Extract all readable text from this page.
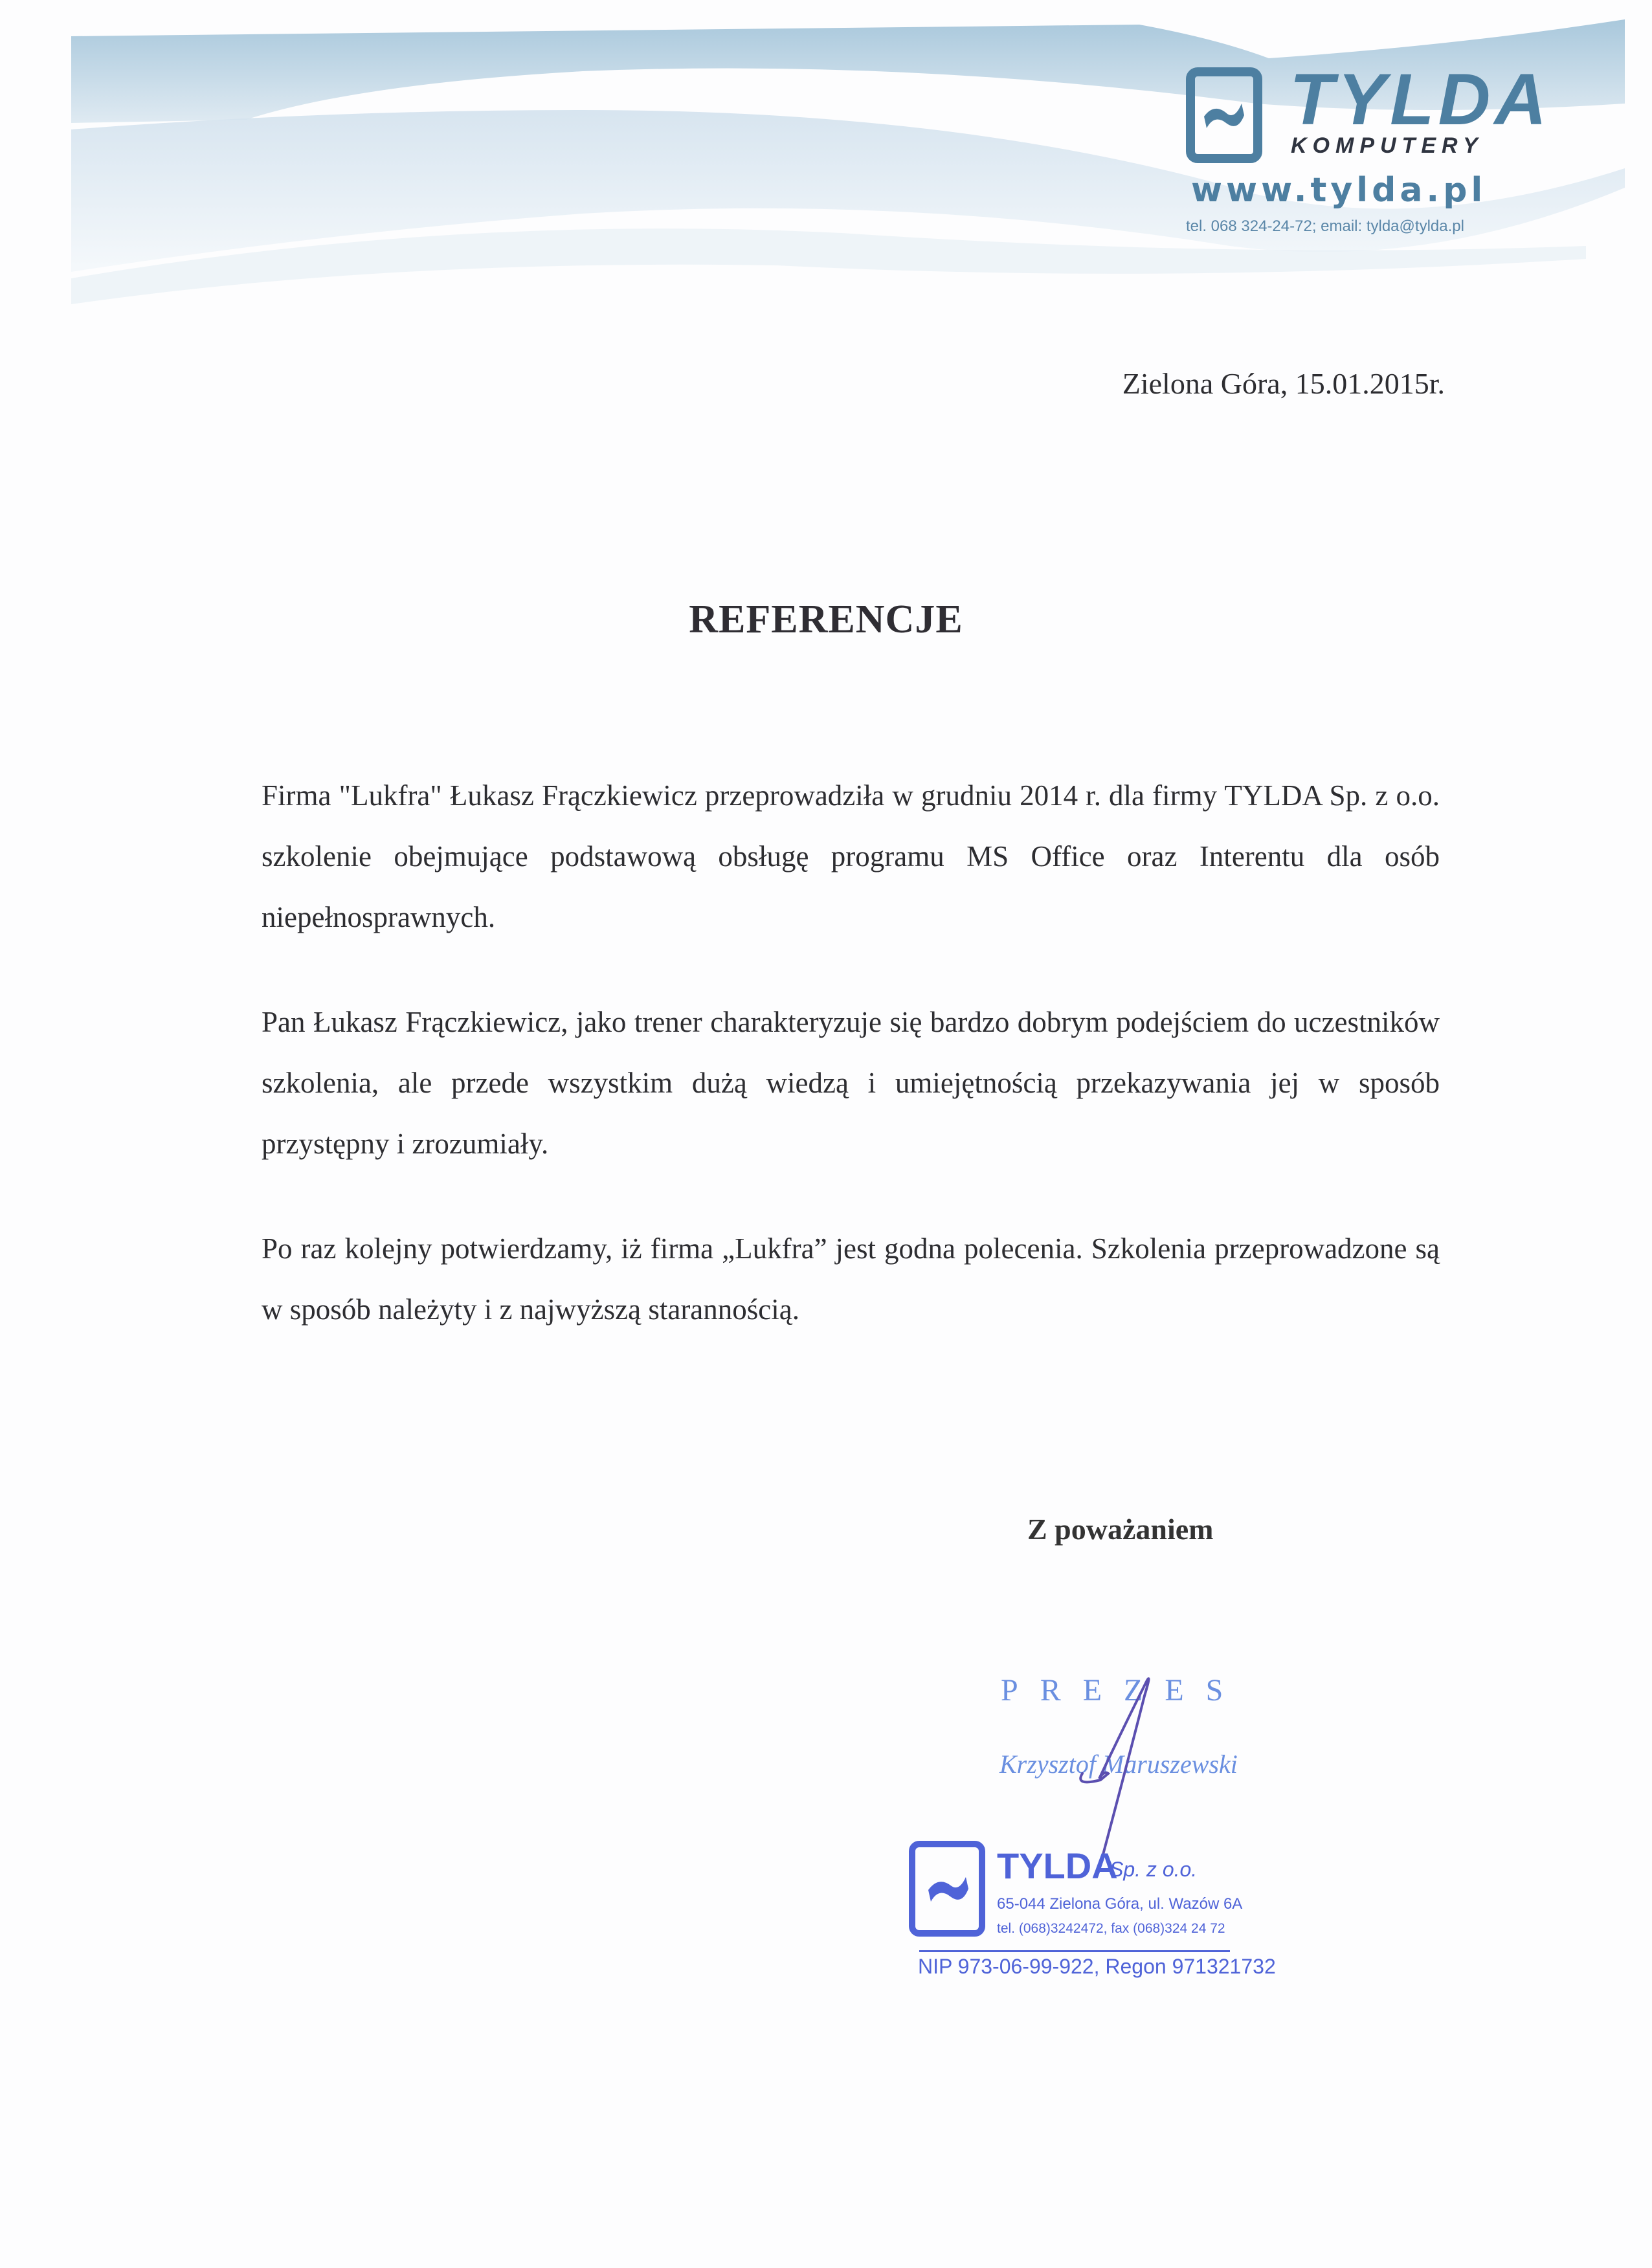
TYLDA
KOMPUTERY
www.tylda.pl
tel. 068 324-24-72; email: tylda@tylda.pl
Zielona Góra, 15.01.2015r.
REFERENCJE
Firma "Lukfra" Łukasz Frączkiewicz przeprowadziła w grudniu 2014 r. dla firmy TYLDA Sp. z o.o. szkolenie obejmujące podstawową obsługę programu MS Office oraz Interentu dla osób niepełnosprawnych.
Pan Łukasz Frączkiewicz, jako trener charakteryzuje się bardzo dobrym podejściem do uczestników szkolenia, ale przede wszystkim dużą wiedzą i umiejętnością przekazywania jej w sposób przystępny i zrozumiały.
Po raz kolejny potwierdzamy, iż firma „Lukfra” jest godna polecenia. Szkolenia przeprowadzone są w sposób należyty i z najwyższą starannością.
Z poważaniem
PREZES
Krzysztof Maruszewski
TYLDA
Sp. z o.o.
65-044 Zielona Góra, ul. Wazów 6A
tel. (068)3242472, fax (068)324 24 72
NIP 973-06-99-922, Regon 971321732
